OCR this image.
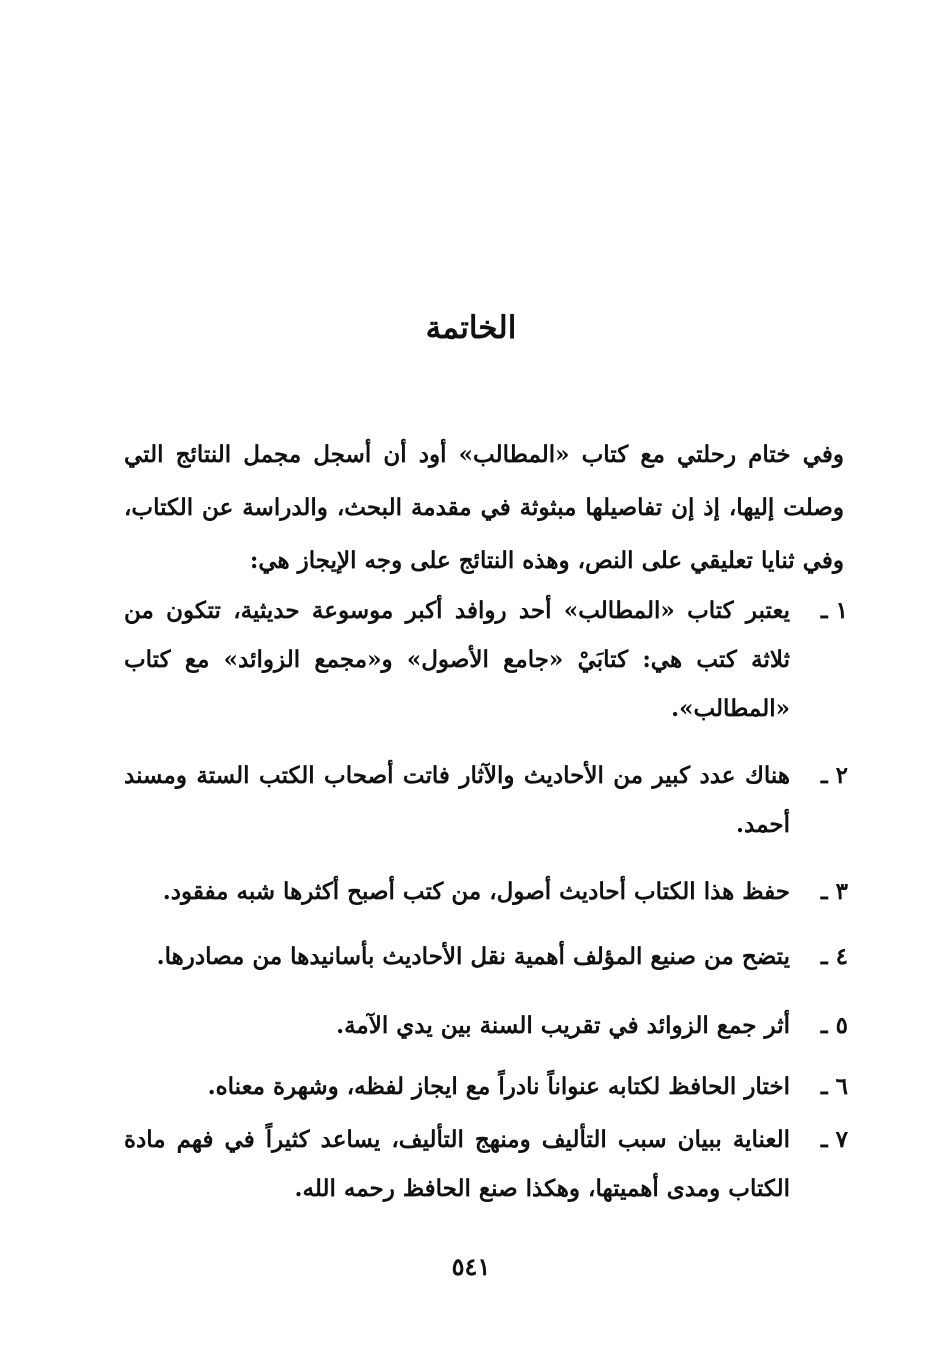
الخاتمة

وفي ختام رحلتي مع كتاب «المطالب» أود أن أسجل مجمل النتائج التي وصلت إليها، إذ إن تفاصيلها مبثوثة في مقدمة البحث، والدراسة عن الكتاب، وفي ثنايا تعليقي على النص، وهذه النتائج على وجه الإيجاز هي:

١ ـ
يعتبر كتاب «المطالب» أحد روافد أكبر موسوعة حديثية، تتكون من ثلاثة كتب هي: كتابَيْ «جامع الأصول» و«مجمع الزوائد» مع كتاب «المطالب».
٢ ـ
هناك عدد كبير من الأحاديث والآثار فاتت أصحاب الكتب الستة ومسند أحمد.
٣ ـ
حفظ هذا الكتاب أحاديث أصول، من كتب أصبح أكثرها شبه مفقود.
٤ ـ
يتضح من صنيع المؤلف أهمية نقل الأحاديث بأسانيدها من مصادرها.
٥ ـ
أثر جمع الزوائد في تقريب السنة بين يدي الآمة.
٦ ـ
اختار الحافظ لكتابه عنواناً نادراً مع ايجاز لفظه، وشهرة معناه.
٧ ـ
العناية ببيان سبب التأليف ومنهج التأليف، يساعد كثيراً في فهم مادة الكتاب ومدى أهميتها، وهكذا صنع الحافظ رحمه الله.
٥٤١
